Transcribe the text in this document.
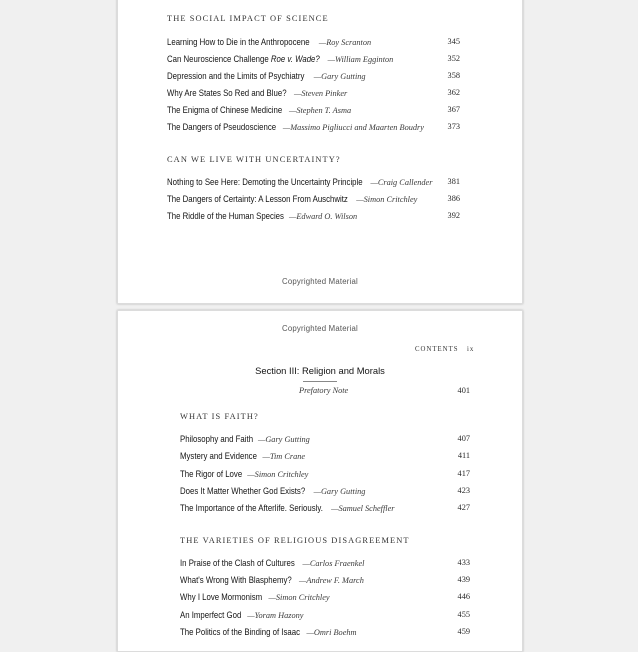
THE SOCIAL IMPACT OF SCIENCE
Learning How to Die in the Anthropocene —Roy Scranton	345
Can Neuroscience Challenge Roe v. Wade? —William Egginton	352
Depression and the Limits of Psychiatry —Gary Gutting	358
Why Are States So Red and Blue? —Steven Pinker	362
The Enigma of Chinese Medicine —Stephen T. Asma	367
The Dangers of Pseudoscience —Massimo Pigliucci and Maarten Boudry	373
CAN WE LIVE WITH UNCERTAINTY?
Nothing to See Here: Demoting the Uncertainty Principle —Craig Callender	381
The Dangers of Certainty: A Lesson From Auschwitz —Simon Critchley	386
The Riddle of the Human Species —Edward O. Wilson	392
Copyrighted Material
Copyrighted Material
CONTENTS ix
Section III: Religion and Morals
Prefatory Note	401
WHAT IS FAITH?
Philosophy and Faith —Gary Gutting	407
Mystery and Evidence —Tim Crane	411
The Rigor of Love —Simon Critchley	417
Does It Matter Whether God Exists? —Gary Gutting	423
The Importance of the Afterlife. Seriously. —Samuel Scheffler	427
THE VARIETIES OF RELIGIOUS DISAGREEMENT
In Praise of the Clash of Cultures —Carlos Fraenkel	433
What's Wrong With Blasphemy? —Andrew F. March	439
Why I Love Mormonism —Simon Critchley	446
An Imperfect God —Yoram Hazony	455
The Politics of the Binding of Isaac —Omri Boehm	459
